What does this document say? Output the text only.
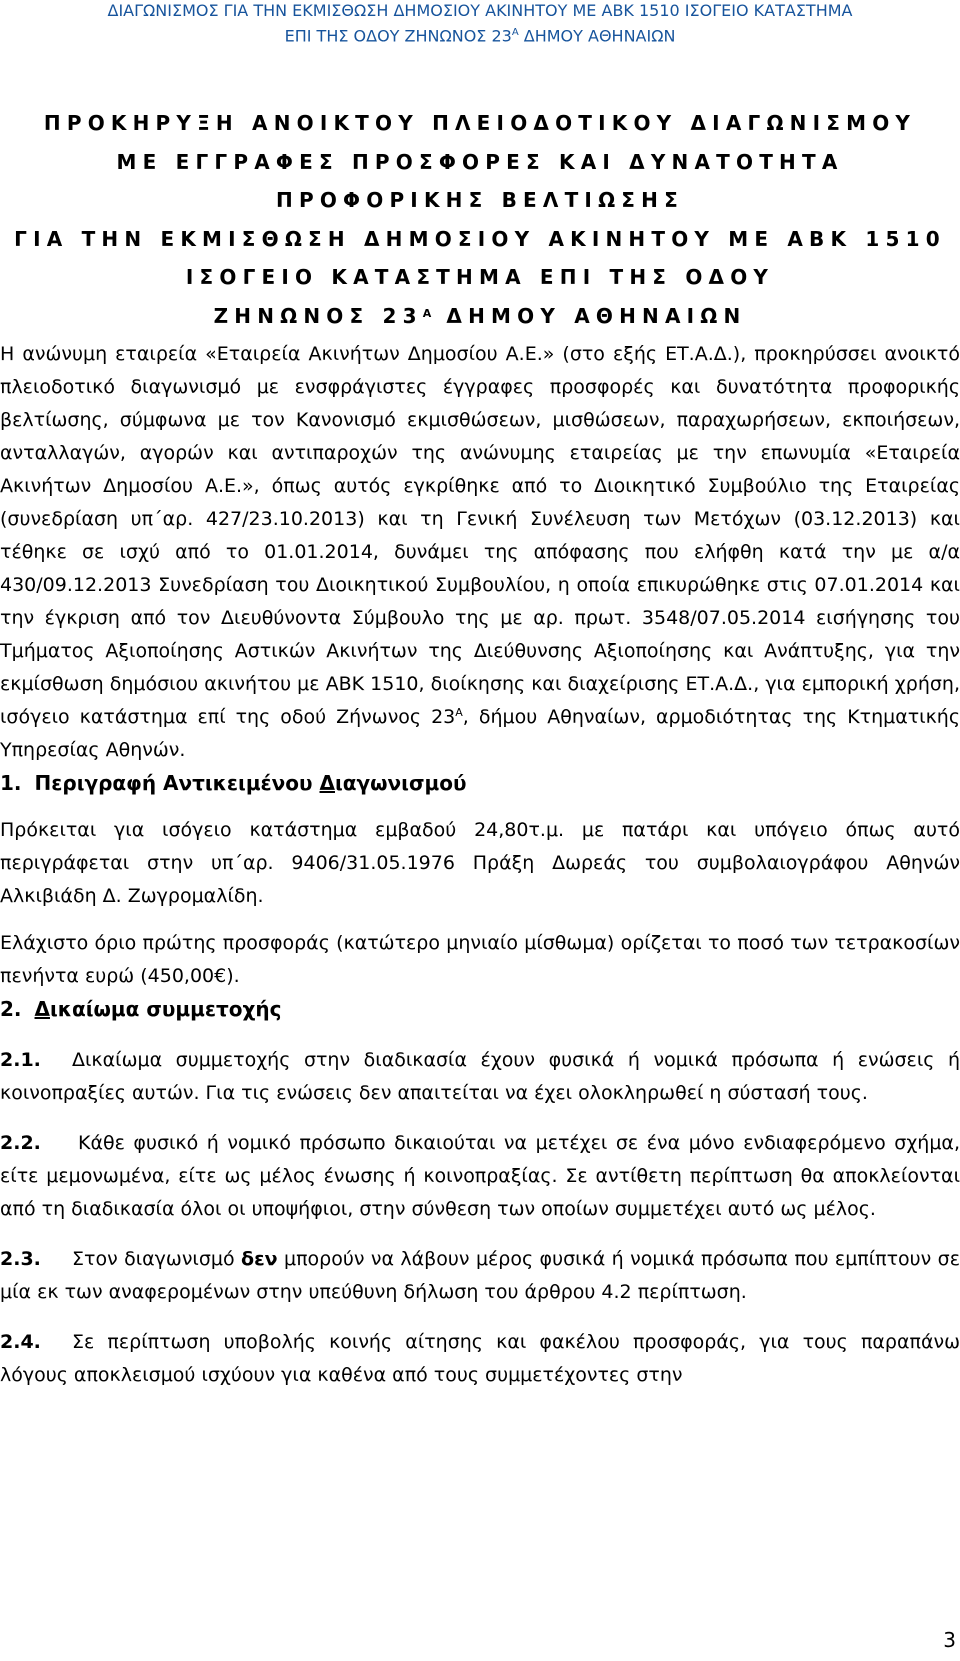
ΔΙΑΓΩΝΙΣΜΟΣ ΓΙΑ ΤΗΝ ΕΚΜΙΣΘΩΣΗ ΔΗΜΟΣΙΟΥ ΑΚΙΝΗΤΟΥ ΜΕ ΑΒΚ 1510 ΙΣΟΓΕΙΟ ΚΑΤΑΣΤΗΜΑ
ΕΠΙ ΤΗΣ ΟΔΟΥ ΖΗΝΩΝΟΣ $23^A$ ΔΗΜΟΥ ΑΘΗΝΑΙΩΝ
ΠΡΟΚΗΡΥΞΗ ΑΝΟΙΚΤΟΥ ΠΛΕΙΟΔΟΤΙΚΟΥ ΔΙΑΓΩΝΙΣΜΟΥ
ΜΕ ΕΓΓΡΑΦΕΣ ΠΡΟΣΦΟΡΕΣ ΚΑΙ ΔΥΝΑΤΟΤΗΤΑ
ΠΡΟΦΟΡΙΚΗΣ ΒΕΛΤΙΩΣΗΣ
ΓΙΑ ΤΗΝ ΕΚΜΙΣΘΩΣΗ ΔΗΜΟΣΙΟΥ ΑΚΙΝΗΤΟΥ ΜΕ ΑΒΚ 1510
ΙΣΟΓΕΙΟ ΚΑΤΑΣΤΗΜΑ ΕΠΙ ΤΗΣ ΟΔΟΥ
ΖΗΝΩΝΟΣ $23^A$ ΔΗΜΟΥ ΑΘΗΝΑΙΩΝ

Η ανώνυμη εταιρεία «Εταιρεία Ακινήτων Δημοσίου Α.Ε.» (στο εξής ΕΤ.Α.Δ.), προκηρύσσει ανοικτό πλειοδοτικό διαγωνισμό με ενσφράγιστες έγγραφες προσφορές και δυνατότητα προφορικής βελτίωσης, σύμφωνα με τον Κανονισμό εκμισθώσεων, μισθώσεων, παραχωρήσεων, εκποιήσεων, ανταλλαγών, αγορών και αντιπαροχών της ανώνυμης εταιρείας με την επωνυμία «Εταιρεία Ακινήτων Δημοσίου Α.Ε.», όπως αυτός εγκρίθηκε από το Διοικητικό Συμβούλιο της Εταιρείας (συνεδρίαση υπ΄αρ. 427/23.10.2013) και τη Γενική Συνέλευση των Μετόχων (03.12.2013) και τέθηκε σε ισχύ από το 01.01.2014, δυνάμει της απόφασης που ελήφθη κατά την με α/α 430/09.12.2013 Συνεδρίαση του Διοικητικού Συμβουλίου, η οποία επικυρώθηκε στις 07.01.2014 και την έγκριση από τον Διευθύνοντα Σύμβουλο της με αρ. πρωτ. 3548/07.05.2014 εισήγησης του Τμήματος Αξιοποίησης Αστικών Ακινήτων της Διεύθυνσης Αξιοποίησης και Ανάπτυξης, για την εκμίσθωση δημόσιου ακινήτου με ΑΒΚ 1510, διοίκησης και διαχείρισης ΕΤ.Α.Δ., για εμπορική χρήση, ισόγειο κατάστημα επί της οδού Ζήνωνος $23^A$, δήμου Αθηναίων, αρμοδιότητας της Κτηματικής Υπηρεσίας Αθηνών.

1. Περιγραφή Αντικειμένου Διαγωνισμού

Πρόκειται για ισόγειο κατάστημα εμβαδού 24,80τ.μ. με πατάρι και υπόγειο όπως αυτό περιγράφεται στην υπ΄αρ. 9406/31.05.1976 Πράξη Δωρεάς του συμβολαιογράφου Αθηνών Αλκιβιάδη Δ. Ζωγρομαλίδη.

Ελάχιστο όριο πρώτης προσφοράς (κατώτερο μηνιαίο μίσθωμα) ορίζεται το ποσό των τετρακοσίων πενήντα ευρώ (450,00€).

2. Δικαίωμα συμμετοχής

2.1. Δικαίωμα συμμετοχής στην διαδικασία έχουν φυσικά ή νομικά πρόσωπα ή ενώσεις ή κοινοπραξίες αυτών. Για τις ενώσεις δεν απαιτείται να έχει ολοκληρωθεί η σύστασή τους.

2.2. Κάθε φυσικό ή νομικό πρόσωπο δικαιούται να μετέχει σε ένα μόνο ενδιαφερόμενο σχήμα, είτε μεμονωμένα, είτε ως μέλος ένωσης ή κοινοπραξίας. Σε αντίθετη περίπτωση θα αποκλείονται από τη διαδικασία όλοι οι υποψήφιοι, στην σύνθεση των οποίων συμμετέχει αυτό ως μέλος.

2.3. Στον διαγωνισμό δεν μπορούν να λάβουν μέρος φυσικά ή νομικά πρόσωπα που εμπίπτουν σε μία εκ των αναφερομένων στην υπεύθυνη δήλωση του άρθρου 4.2 περίπτωση.

2.4. Σε περίπτωση υποβολής κοινής αίτησης και φακέλου προσφοράς, για τους παραπάνω λόγους αποκλεισμού ισχύουν για καθένα από τους συμμετέχοντες στην

3
